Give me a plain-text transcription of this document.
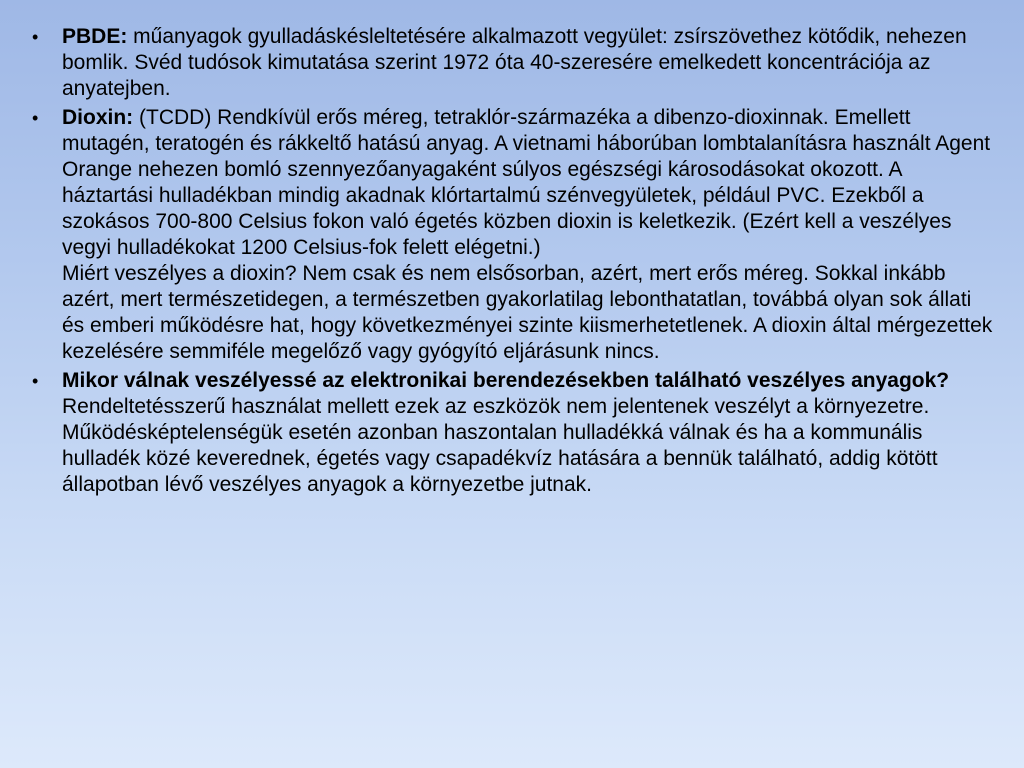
• PBDE: műanyagok gyulladáskésleltetésére alkalmazott vegyület: zsírszövethez kötődik, nehezen bomlik. Svéd tudósok kimutatása szerint 1972 óta 40-szeresére emelkedett koncentrációja az anyatejben.
• Dioxin: (TCDD) Rendkívül erős méreg, tetraklór-származéka a dibenzo-dioxinnak. Emellett mutagén, teratogén és rákkeltő hatású anyag. A vietnami háborúban lombtalanításra használt Agent Orange nehezen bomló szennyezőanyagaként súlyos egészségi károsodásokat okozott. A háztartási hulladékban mindig akadnak klórtartalmú szénvegyületek, például PVC. Ezekből a szokásos 700-800 Celsius fokon való égetés közben dioxin is keletkezik. (Ezért kell a veszélyes vegyi hulladékokat 1200 Celsius-fok felett elégetni.)
Miért veszélyes a dioxin? Nem csak és nem elsősorban, azért, mert erős méreg. Sokkal inkább azért, mert természetidegen, a természetben gyakorlatilag lebonthatatlan, továbbá olyan sok állati és emberi működésre hat, hogy következményei szinte kiismerhetetlenek. A dioxin által mérgezettek kezelésére semmiféle megelőző vagy gyógyító eljárásunk nincs.
• Mikor válnak veszélyessé az elektronikai berendezésekben található veszélyes anyagok?
Rendeltetésszerű használat mellett ezek az eszközök nem jelentenek veszélyt a környezetre. Működésképtelenségük esetén azonban haszontalan hulladékká válnak és ha a kommunális hulladék közé keverednek, égetés vagy csapadékvíz hatására a bennük található, addig kötött állapotban lévő veszélyes anyagok a környezetbe jutnak.
